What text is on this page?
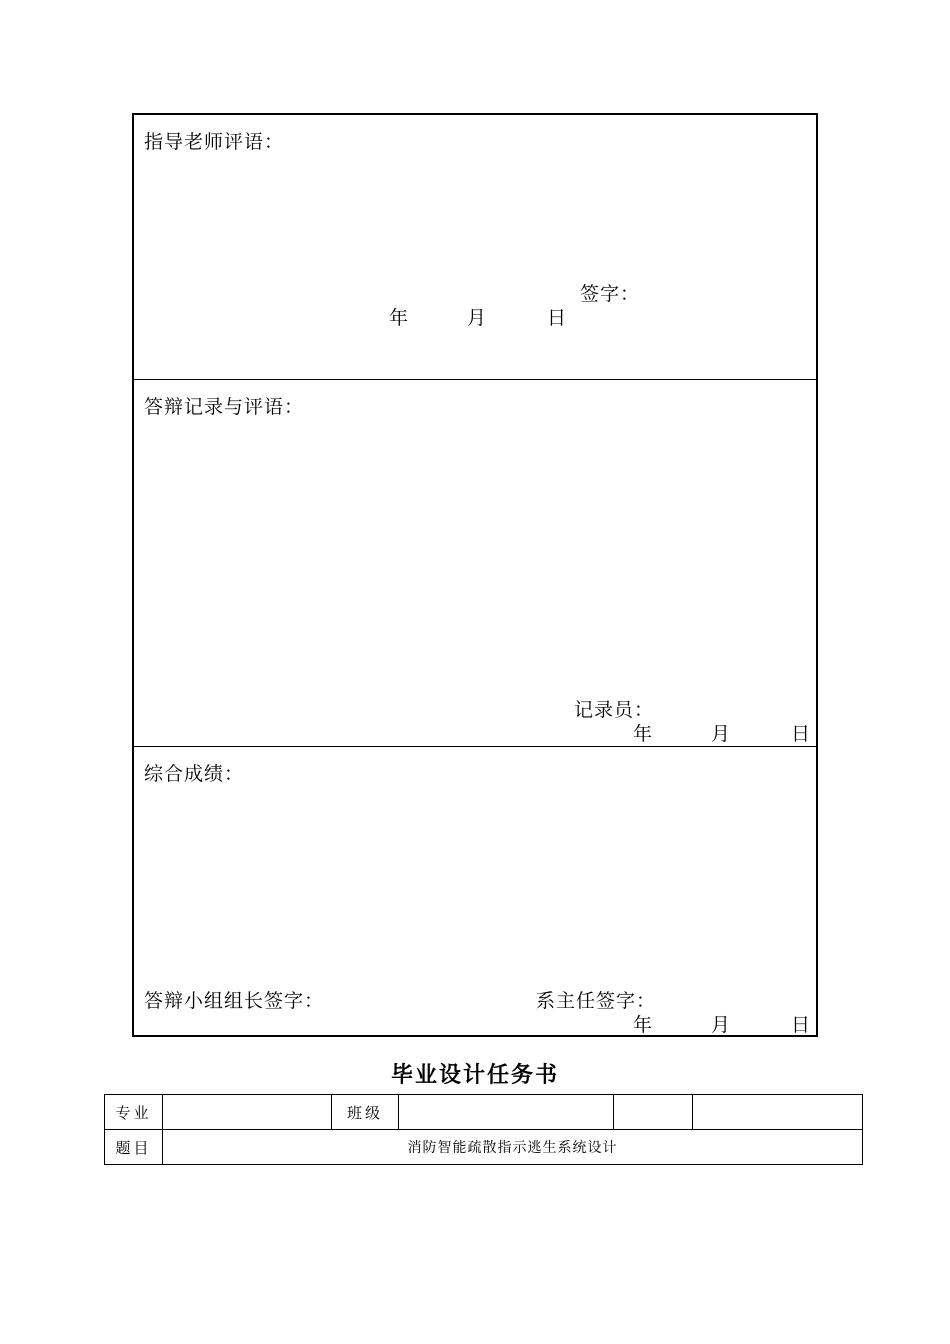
指导老师评语：
签字：
年	月	日
答辩记录与评语：
记录员：
年	月	日
综合成绩：
答辩小组组长签字：	系主任签字：
年	月	日
毕业设计任务书
专业		班级			
题目	消防智能疏散指示逃生系统设计				
